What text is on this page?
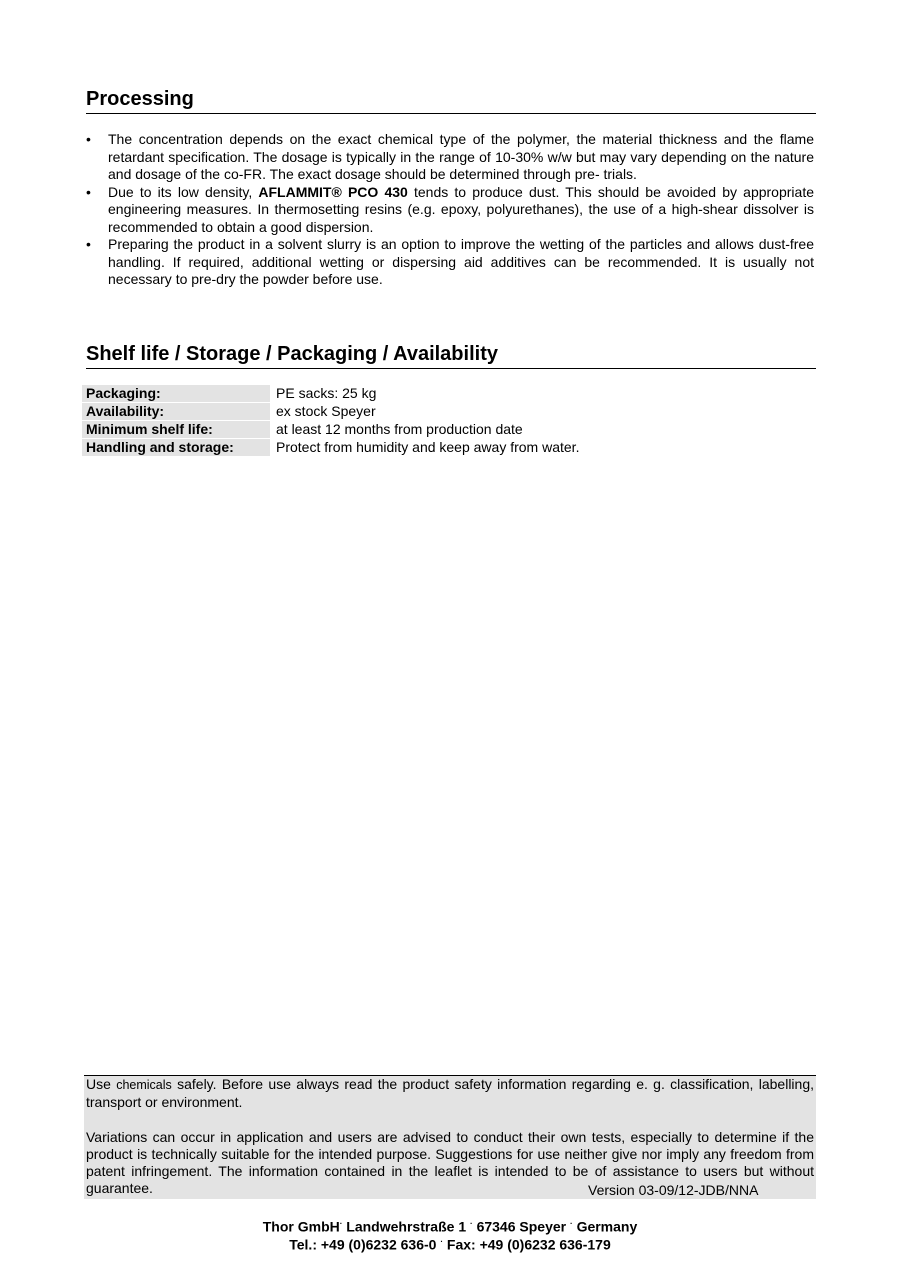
Processing
• The concentration depends on the exact chemical type of the polymer, the material thickness and the flame retardant specification. The dosage is typically in the range of 10-30% w/w but may vary depending on the nature and dosage of the co-FR. The exact dosage should be determined through pre- trials.
• Due to its low density, AFLAMMIT® PCO 430 tends to produce dust. This should be avoided by appropriate engineering measures. In thermosetting resins (e.g. epoxy, polyurethanes), the use of a high-shear dissolver is recommended to obtain a good dispersion.
• Preparing the product in a solvent slurry is an option to improve the wetting of the particles and allows dust-free handling. If required, additional wetting or dispersing aid additives can be recommended. It is usually not necessary to pre-dry the powder before use.
Shelf life / Storage / Packaging / Availability
Packaging:	PE sacks: 25 kg
Availability:	ex stock Speyer
Minimum shelf life:	at least 12 months from production date
Handling and storage:	Protect from humidity and keep away from water.

Use chemicals safely. Before use always read the product safety information regarding e. g. classification, labelling, transport or environment.

Variations can occur in application and users are advised to conduct their own tests, especially to determine if the product is technically suitable for the intended purpose. Suggestions for use neither give nor imply any freedom from patent infringement. The information contained in the leaflet is intended to be of assistance to users but without guarantee.	Version 03-09/12-JDB/NNA
Thor GmbH· Landwehrstraße 1 · 67346 Speyer · Germany
Tel.: +49 (0)6232 636-0 · Fax: +49 (0)6232 636-179
